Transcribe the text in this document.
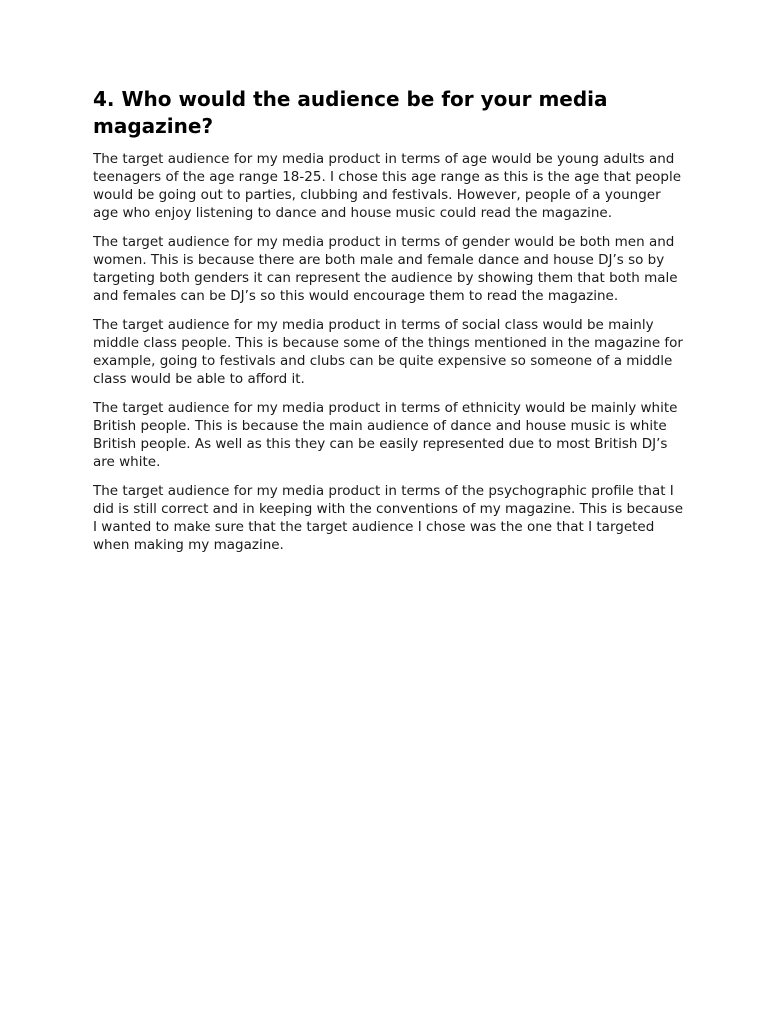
4. Who would the audience be for your media magazine?

The target audience for my media product in terms of age would be young adults and teenagers of the age range 18-25. I chose this age range as this is the age that people would be going out to parties, clubbing and festivals. However, people of a younger age who enjoy listening to dance and house music could read the magazine.

The target audience for my media product in terms of gender would be both men and women. This is because there are both male and female dance and house DJ’s so by targeting both genders it can represent the audience by showing them that both male and females can be DJ’s so this would encourage them to read the magazine.

The target audience for my media product in terms of social class would be mainly middle class people. This is because some of the things mentioned in the magazine for example, going to festivals and clubs can be quite expensive so someone of a middle class would be able to afford it.

The target audience for my media product in terms of ethnicity would be mainly white British people. This is because the main audience of dance and house music is white British people. As well as this they can be easily represented due to most British DJ’s are white.

The target audience for my media product in terms of the psychographic profile that I did is still correct and in keeping with the conventions of my magazine. This is because I wanted to make sure that the target audience I chose was the one that I targeted when making my magazine.
